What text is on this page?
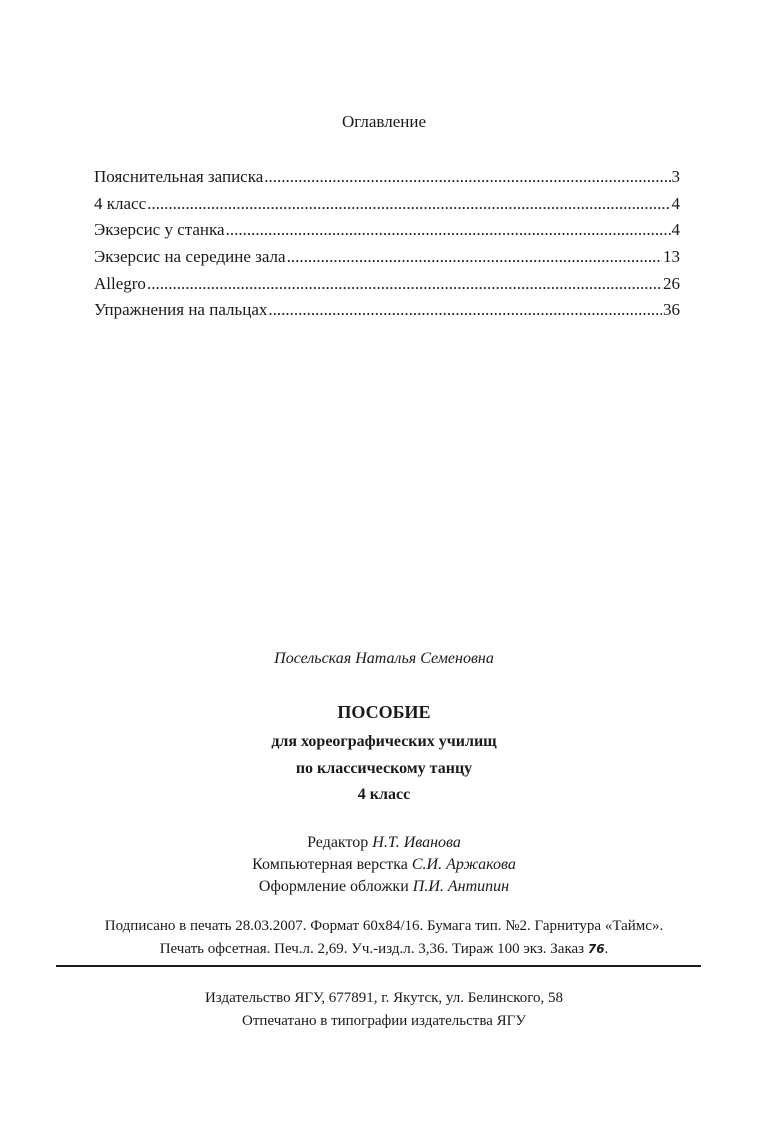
Оглавление
Пояснительная записка .....	3
4 класс .....	4
Экзерсис у станка .....	4
Экзерсис на середине зала .....	13
Allegro .....	26
Упражнения на пальцах .....	36
Посельская Наталья Семеновна
ПОСОБИЕ
для хореографических училищ
по классическому танцу
4 класс
Редактор Н.Т. Иванова
Компьютерная верстка С.И. Аржакова
Оформление обложки П.И. Антипин
Подписано в печать 28.03.2007. Формат 60х84/16. Бумага тип. №2. Гарнитура «Таймс».
Печать офсетная. Печ.л. 2,69. Уч.-изд.л. 3,36. Тираж 100 экз. Заказ 76.
Издательство ЯГУ, 677891, г. Якутск, ул. Белинского, 58
Отпечатано в типографии издательства ЯГУ
